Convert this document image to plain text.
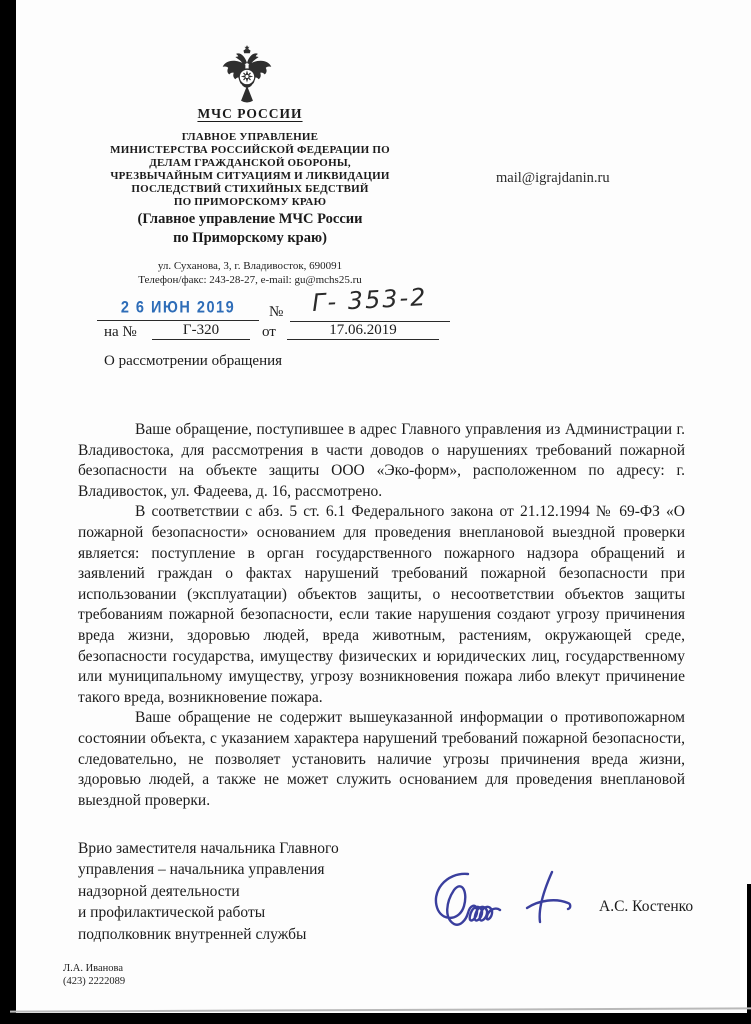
МЧС РОССИИ
ГЛАВНОЕ УПРАВЛЕНИЕ
МИНИСТЕРСТВА РОССИЙСКОЙ ФЕДЕРАЦИИ ПО
ДЕЛАМ ГРАЖДАНСКОЙ ОБОРОНЫ,
ЧРЕЗВЫЧАЙНЫМ СИТУАЦИЯМ И ЛИКВИДАЦИИ
ПОСЛЕДСТВИЙ СТИХИЙНЫХ БЕДСТВИЙ
ПО ПРИМОРСКОМУ КРАЮ
(Главное управление МЧС России
по Приморскому краю)
ул. Суханова, 3, г. Владивосток, 690091
Телефон/факс: 243-28-27, e-mail: gu@mchs25.ru
mail@igrajdanin.ru
2 6 ИЮН 2019	№	Г- 353-2
на №	Г-320	от	17.06.2019
О рассмотрении обращения

Ваше обращение, поступившее в адрес Главного управления из Администрации г. Владивостока, для рассмотрения в части доводов о нарушениях требований пожарной безопасности на объекте защиты ООО «Эко-форм», расположенном по адресу: г. Владивосток, ул. Фадеева, д. 16, рассмотрено.

В соответствии с абз. 5 ст. 6.1 Федерального закона от 21.12.1994 № 69-ФЗ «О пожарной безопасности» основанием для проведения внеплановой выездной проверки является: поступление в орган государственного пожарного надзора обращений и заявлений граждан о фактах нарушений требований пожарной безопасности при использовании (эксплуатации) объектов защиты, о несоответствии объектов защиты требованиям пожарной безопасности, если такие нарушения создают угрозу причинения вреда жизни, здоровью людей, вреда животным, растениям, окружающей среде, безопасности государства, имуществу физических и юридических лиц, государственному или муниципальному имуществу, угрозу возникновения пожара либо влекут причинение такого вреда, возникновение пожара.

Ваше обращение не содержит вышеуказанной информации о противопожарном состоянии объекта, с указанием характера нарушений требований пожарной безопасности, следовательно, не позволяет установить наличие угрозы причинения вреда жизни, здоровью людей, а также не может служить основанием для проведения внеплановой выездной проверки.

Врио заместителя начальника Главного
управления – начальника управления
надзорной деятельности
и профилактической работы
подполковник внутренней службы
А.С. Костенко
Л.А. Иванова
(423) 2222089
